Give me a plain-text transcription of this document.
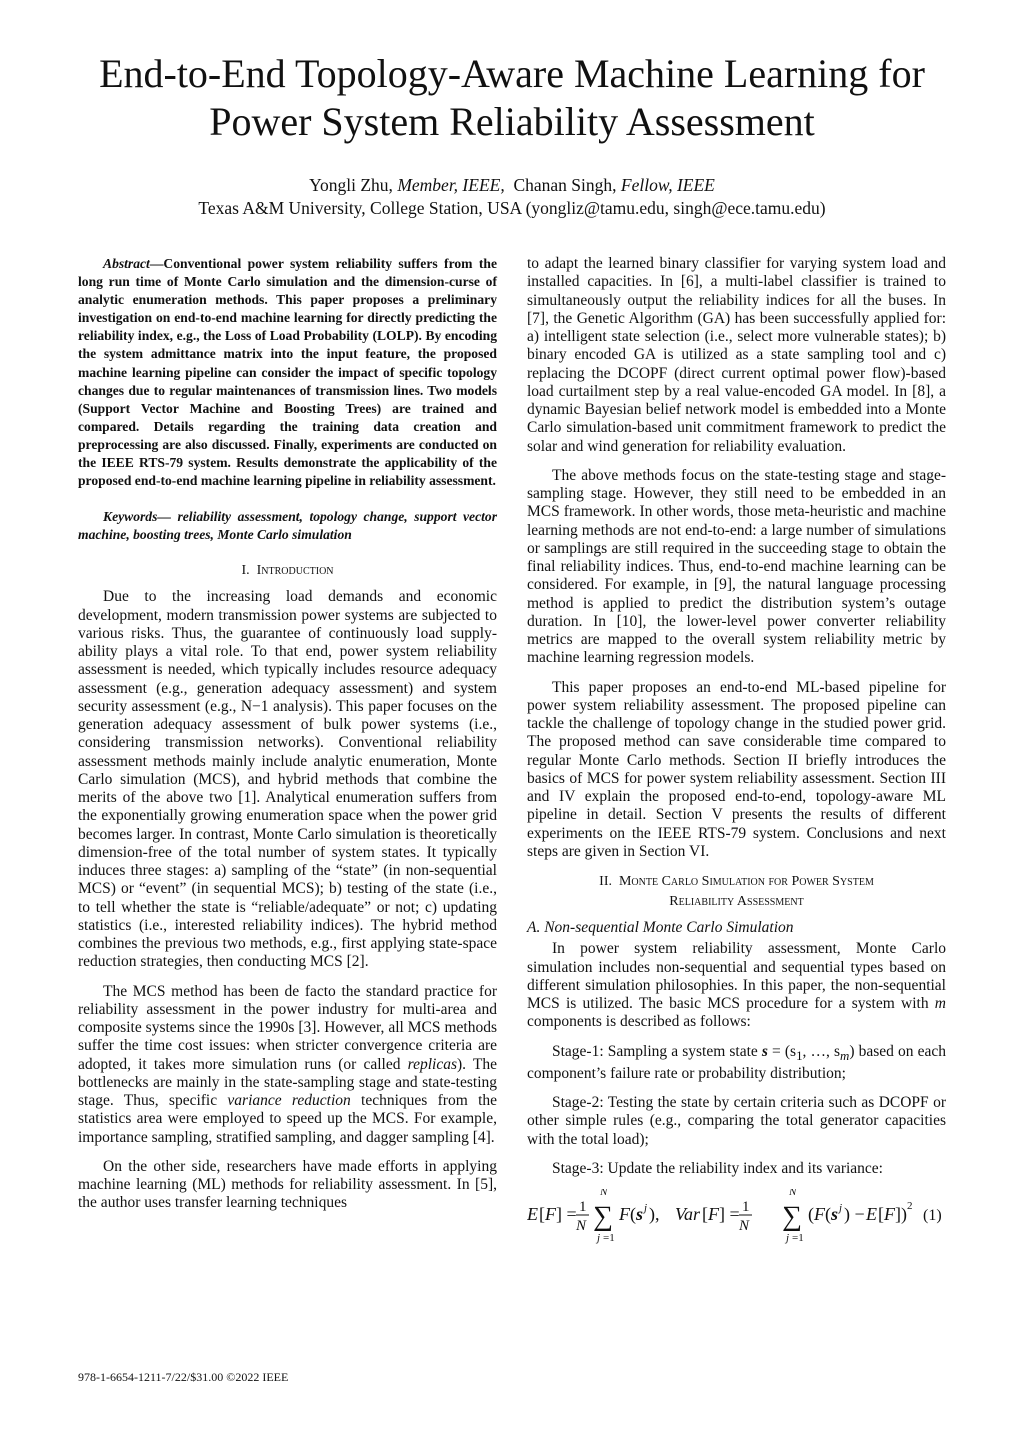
End-to-End Topology-Aware Machine Learning for
Power System Reliability Assessment
Yongli Zhu, Member, IEEE, Chanan Singh, Fellow, IEEE
Texas A&M University, College Station, USA (yongliz@tamu.edu, singh@ece.tamu.edu)

Abstract—Conventional power system reliability suffers from the long run time of Monte Carlo simulation and the dimension-curse of analytic enumeration methods. This paper proposes a preliminary investigation on end-to-end machine learning for directly predicting the reliability index, e.g., the Loss of Load Probability (LOLP). By encoding the system admittance matrix into the input feature, the proposed machine learning pipeline can consider the impact of specific topology changes due to regular maintenances of transmission lines. Two models (Support Vector Machine and Boosting Trees) are trained and compared. Details regarding the training data creation and preprocessing are also discussed. Finally, experiments are conducted on the IEEE RTS-79 system. Results demonstrate the applicability of the proposed end-to-end machine learning pipeline in reliability assessment.

Keywords— reliability assessment, topology change, support vector machine, boosting trees, Monte Carlo simulation

I. Introduction

Due to the increasing load demands and economic development, modern transmission power systems are subjected to various risks. Thus, the guarantee of continuously load supply-ability plays a vital role. To that end, power system reliability assessment is needed, which typically includes resource adequacy assessment (e.g., generation adequacy assessment) and system security assessment (e.g., N−1 analysis). This paper focuses on the generation adequacy assessment of bulk power systems (i.e., considering transmission networks). Conventional reliability assessment methods mainly include analytic enumeration, Monte Carlo simulation (MCS), and hybrid methods that combine the merits of the above two [1]. Analytical enumeration suffers from the exponentially growing enumeration space when the power grid becomes larger. In contrast, Monte Carlo simulation is theoretically dimension-free of the total number of system states. It typically induces three stages: a) sampling of the “state” (in non-sequential MCS) or “event” (in sequential MCS); b) testing of the state (i.e., to tell whether the state is “reliable/adequate” or not; c) updating statistics (i.e., interested reliability indices). The hybrid method combines the previous two methods, e.g., first applying state-space reduction strategies, then conducting MCS [2].

The MCS method has been de facto the standard practice for reliability assessment in the power industry for multi-area and composite systems since the 1990s [3]. However, all MCS methods suffer the time cost issues: when stricter convergence criteria are adopted, it takes more simulation runs (or called replicas). The bottlenecks are mainly in the state-sampling stage and state-testing stage. Thus, specific variance reduction techniques from the statistics area were employed to speed up the MCS. For example, importance sampling, stratified sampling, and dagger sampling [4].

On the other side, researchers have made efforts in applying machine learning (ML) methods for reliability assessment. In [5], the author uses transfer learning techniques

to adapt the learned binary classifier for varying system load and installed capacities. In [6], a multi-label classifier is trained to simultaneously output the reliability indices for all the buses. In [7], the Genetic Algorithm (GA) has been successfully applied for: a) intelligent state selection (i.e., select more vulnerable states); b) binary encoded GA is utilized as a state sampling tool and c) replacing the DCOPF (direct current optimal power flow)-based load curtailment step by a real value-encoded GA model. In [8], a dynamic Bayesian belief network model is embedded into a Monte Carlo simulation-based unit commitment framework to predict the solar and wind generation for reliability evaluation.

The above methods focus on the state-testing stage and stage-sampling stage. However, they still need to be embedded in an MCS framework. In other words, those meta-heuristic and machine learning methods are not end-to-end: a large number of simulations or samplings are still required in the succeeding stage to obtain the final reliability indices. Thus, end-to-end machine learning can be considered. For example, in [9], the natural language processing method is applied to predict the distribution system’s outage duration. In [10], the lower-level power converter reliability metrics are mapped to the overall system reliability metric by machine learning regression models.

This paper proposes an end-to-end ML-based pipeline for power system reliability assessment. The proposed pipeline can tackle the challenge of topology change in the studied power grid. The proposed method can save considerable time compared to regular Monte Carlo methods. Section II briefly introduces the basics of MCS for power system reliability assessment. Section III and IV explain the proposed end-to-end, topology-aware ML pipeline in detail. Section V presents the results of different experiments on the IEEE RTS-79 system. Conclusions and next steps are given in Section VI.

II. Monte Carlo Simulation for Power System
Reliability Assessment
A. Non-sequential Monte Carlo Simulation

In power system reliability assessment, Monte Carlo simulation includes non-sequential and sequential types based on different simulation philosophies. In this paper, the non-sequential MCS is utilized. The basic MCS procedure for a system with m components is described as follows:

Stage-1: Sampling a system state $s = (s_1$, …, $s_m$) based on each component’s failure rate or probability distribution;

Stage-2: Testing the state by certain criteria such as DCOPF or other simple rules (e.g., comparing the total generator capacities with the total load);

Stage-3: Update the reliability index and its variance:

E [ F ] = 1
N
N
∑
j =1
F ( s j ), Var [ F ] = 1
N
N
∑
j =1
( F ( s j ) − E [ F ]) 2
(1)
978-1-6654-1211-7/22/$31.00 ©2022 IEEE
